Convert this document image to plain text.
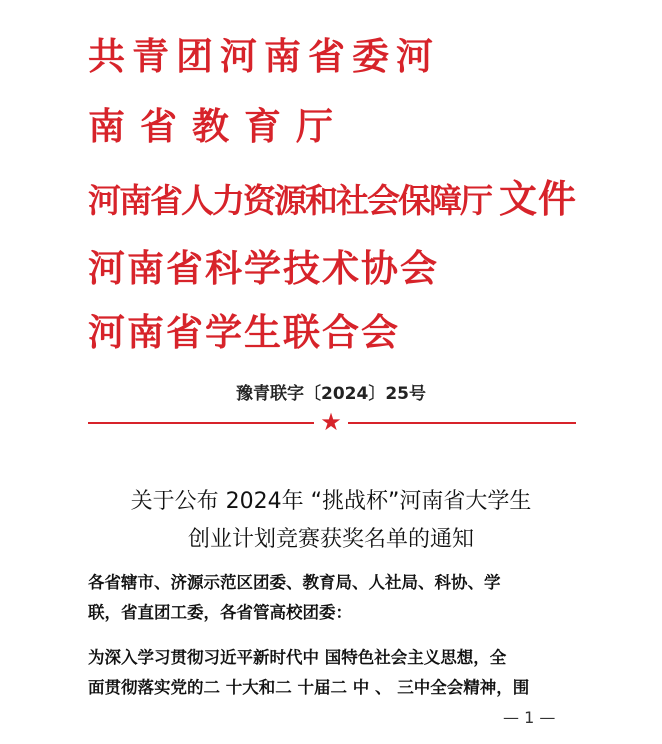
共青团河南省委河
南省教育厅
河南省人力资源和社会保障厅 文件
河南省科学技术协会
河南省学生联合会
豫青联字〔2024〕25号
★
关于公布 2024年 “挑战杯”河南省大学生
创业计划竞赛获奖名单的通知
各省辖市、济源示范区团委、教育局、人社局、科协、学
联，省直团工委，各省管高校团委：
为深入学习贯彻习近平新时代中 国特色社会主义思想，全
面贯彻落实党的二 十大和二 十届二 中 、 三中全会精神，围
— 1 —
